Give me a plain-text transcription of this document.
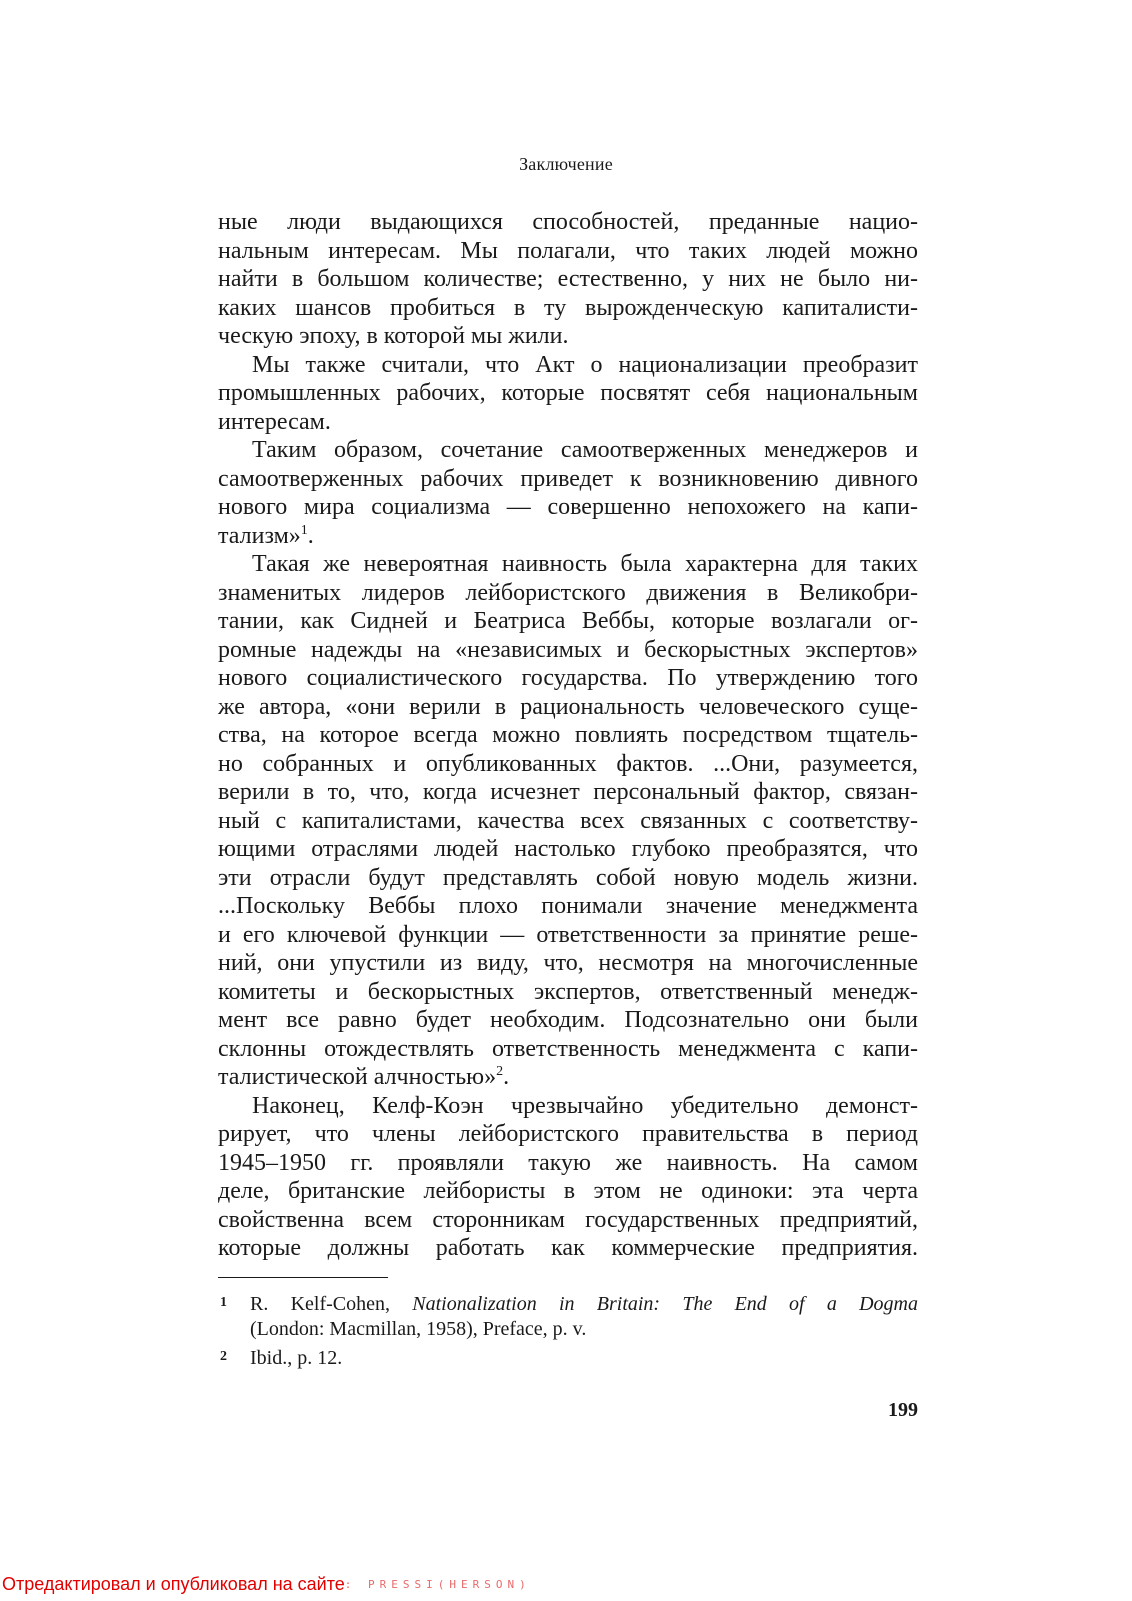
Заключение
ные люди выдающихся способностей, преданные нацио-
нальным интересам. Мы полагали, что таких людей можно
найти в большом количестве; естественно, у них не было ни-
каких шансов пробиться в ту вырожденческую капиталисти-
ческую эпоху, в которой мы жили.
Мы также считали, что Акт о национализации преобразит
промышленных рабочих, которые посвятят себя национальным
интересам.
Таким образом, сочетание самоотверженных менеджеров и
самоотверженных рабочих приведет к возникновению дивного
нового мира социализма — совершенно непохожего на капи-
тализм»$^1$.
Такая же невероятная наивность была характерна для таких
знаменитых лидеров лейбористского движения в Великобри-
тании, как Сидней и Беатриса Веббы, которые возлагали ог-
ромные надежды на «независимых и бескорыстных экспертов»
нового социалистического государства. По утверждению того
же автора, «они верили в рациональность человеческого суще-
ства, на которое всегда можно повлиять посредством тщатель-
но собранных и опубликованных фактов. ...Они, разумеется,
верили в то, что, когда исчезнет персональный фактор, связан-
ный с капиталистами, качества всех связанных с соответству-
ющими отраслями людей настолько глубоко преобразятся, что
эти отрасли будут представлять собой новую модель жизни.
...Поскольку Веббы плохо понимали значение менеджмента
и его ключевой функции — ответственности за принятие реше-
ний, они упустили из виду, что, несмотря на многочисленные
комитеты и бескорыстных экспертов, ответственный менедж-
мент все равно будет необходим. Подсознательно они были
склонны отождествлять ответственность менеджмента с капи-
талистической алчностью»$^2$.
Наконец, Келф-Коэн чрезвычайно убедительно демонст-
рирует, что члены лейбористского правительства в период
1945–1950 гг. проявляли такую же наивность. На самом
деле, британские лейбористы в этом не одиноки: эта черта
свойственна всем сторонникам государственных предприятий,
которые должны работать как коммерческие предприятия.
1 R. Kelf-Cohen, Nationalization in Britain: The End of a Dogma
(London: Macmillan, 1958), Preface, p. v.
2 Ibid., p. 12.
199
Отредактировал и опубликовал на сайте: PRESSI(HERSON)
